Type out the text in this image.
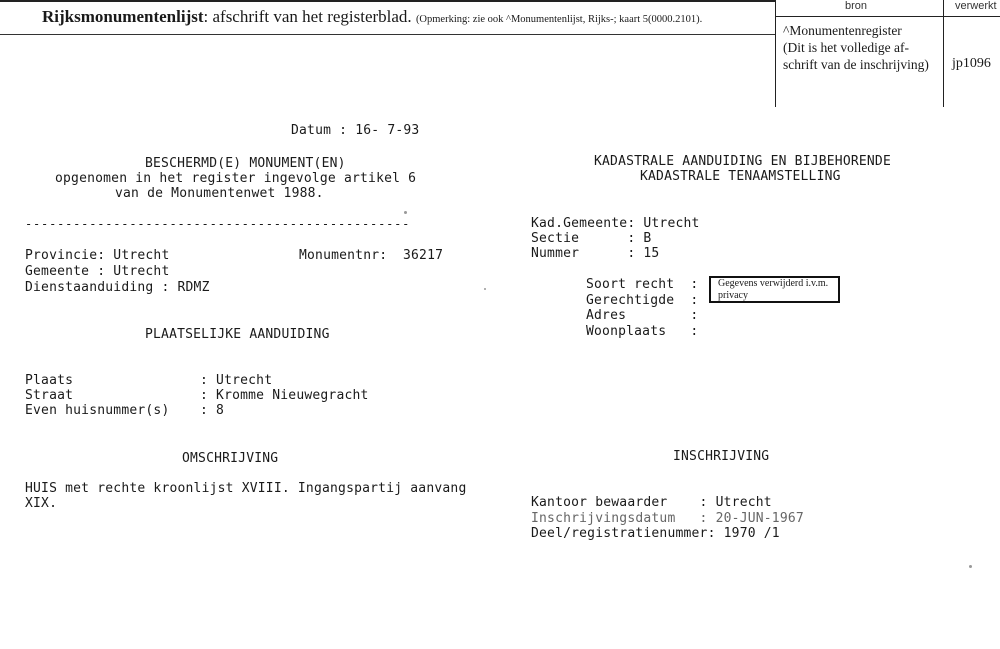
Rijksmonumentenlijst: afschrift van het registerblad. (Opmerking: zie ook ^Monumentenlijst, Rijks-; kaart 5(0000.2101).
bron	verwerkt
^Monumentenregister
(Dit is het volledige af-
schrift van de inschrijving) jp1096
Datum : 16- 7-93
BESCHERMD(E) MONUMENT(EN)
opgenomen in het register ingevolge artikel 6
van de Monumentenwet 1988.
------------------------------------------------
Provincie: Utrecht	Monumentnr: 36217
Gemeente : Utrecht
Dienstaanduiding : RDMZ
PLAATSELIJKE AANDUIDING
Plaats	: Utrecht
Straat	: Kromme Nieuwegracht
Even huisnummer(s) : 8
OMSCHRIJVING
HUIS met rechte kroonlijst XVIII. Ingangspartij aanvang
XIX.
KADASTRALE AANDUIDING EN BIJBEHORENDE
KADASTRALE TENAAMSTELLING
Kad.Gemeente: Utrecht
Sectie      : B
Nummer      : 15
Soort recht  :
Gerechtigde  :
Adres        :
Woonplaats   :
Gegevens verwijderd i.v.m. privacy
INSCHRIJVING
Kantoor bewaarder    : Utrecht
Inschrijvingsdatum   : 20-JUN-1967
Deel/registratienummer: 1970 /1
